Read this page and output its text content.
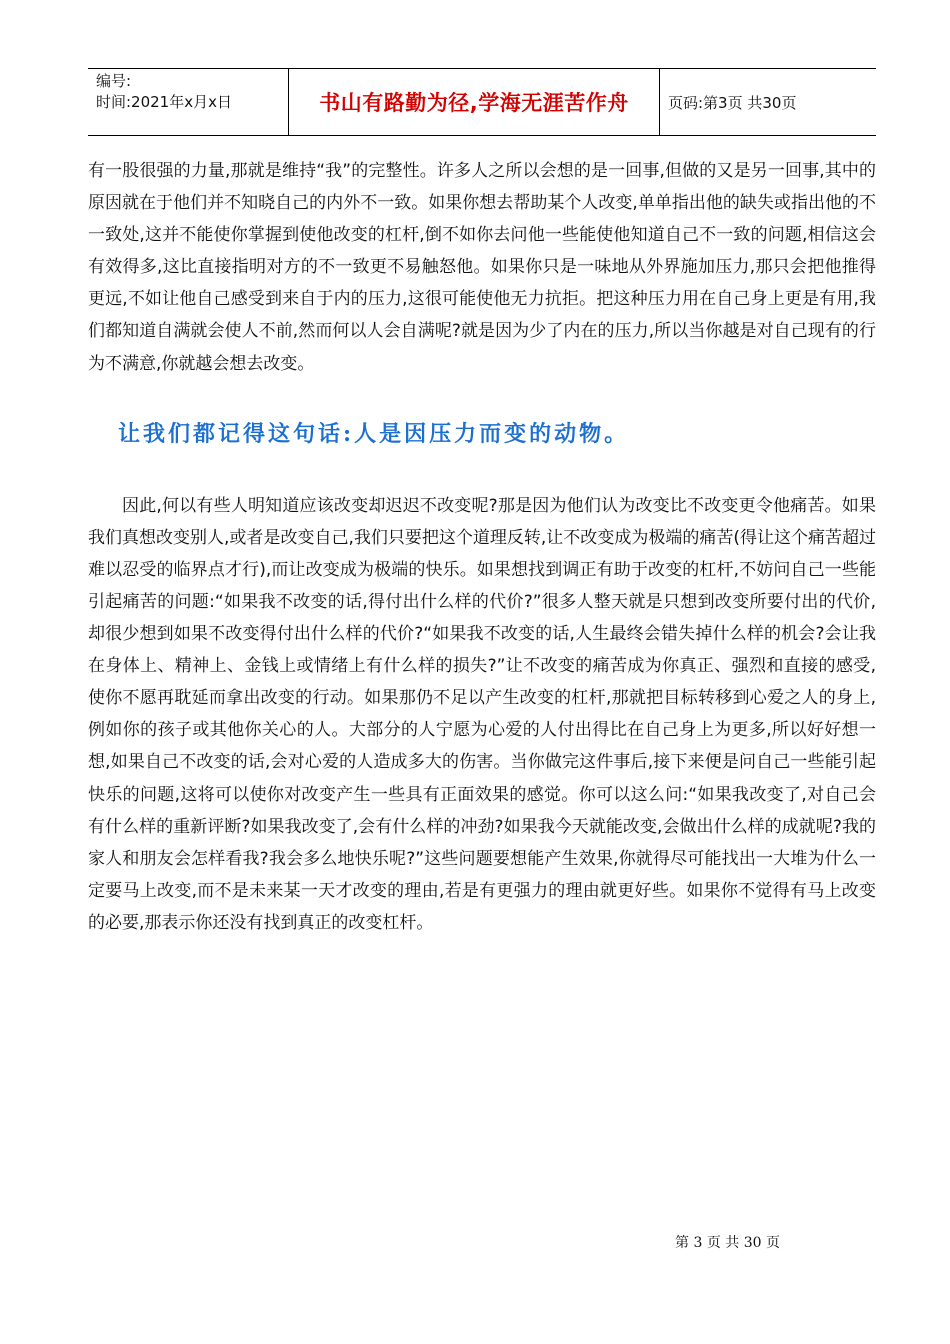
编号:
时间:2021年x月x日	书山有路勤为径,学海无涯苦作舟	页码:第3页 共30页

有一股很强的力量,那就是维持“我”的完整性。许多人之所以会想的是一回事,但做的又是另一回事,其中的原因就在于他们并不知晓自己的内外不一致。如果你想去帮助某个人改变,单单指出他的缺失或指出他的不一致处,这并不能使你掌握到使他改变的杠杆,倒不如你去问他一些能使他知道自己不一致的问题,相信这会有效得多,这比直接指明对方的不一致更不易触怒他。如果你只是一味地从外界施加压力,那只会把他推得更远,不如让他自己感受到来自于内的压力,这很可能使他无力抗拒。把这种压力用在自己身上更是有用,我们都知道自满就会使人不前,然而何以人会自满呢?就是因为少了内在的压力,所以当你越是对自己现有的行为不满意,你就越会想去改变。

让我们都记得这句话:人是因压力而变的动物。

因此,何以有些人明知道应该改变却迟迟不改变呢?那是因为他们认为改变比不改变更令他痛苦。如果我们真想改变别人,或者是改变自己,我们只要把这个道理反转,让不改变成为极端的痛苦(得让这个痛苦超过难以忍受的临界点才行),而让改变成为极端的快乐。如果想找到调正有助于改变的杠杆,不妨问自己一些能引起痛苦的问题:“如果我不改变的话,得付出什么样的代价?”很多人整天就是只想到改变所要付出的代价,却很少想到如果不改变得付出什么样的代价?“如果我不改变的话,人生最终会错失掉什么样的机会?会让我在身体上、精神上、金钱上或情绪上有什么样的损失?”让不改变的痛苦成为你真正、强烈和直接的感受,使你不愿再耽延而拿出改变的行动。如果那仍不足以产生改变的杠杆,那就把目标转移到心爱之人的身上,例如你的孩子或其他你关心的人。大部分的人宁愿为心爱的人付出得比在自己身上为更多,所以好好想一想,如果自己不改变的话,会对心爱的人造成多大的伤害。当你做完这件事后,接下来便是问自己一些能引起快乐的问题,这将可以使你对改变产生一些具有正面效果的感觉。你可以这么问:“如果我改变了,对自己会有什么样的重新评断?如果我改变了,会有什么样的冲劲?如果我今天就能改变,会做出什么样的成就呢?我的家人和朋友会怎样看我?我会多么地快乐呢?”这些问题要想能产生效果,你就得尽可能找出一大堆为什么一定要马上改变,而不是未来某一天才改变的理由,若是有更强力的理由就更好些。如果你不觉得有马上改变的必要,那表示你还没有找到真正的改变杠杆。

第 3 页 共 30 页
